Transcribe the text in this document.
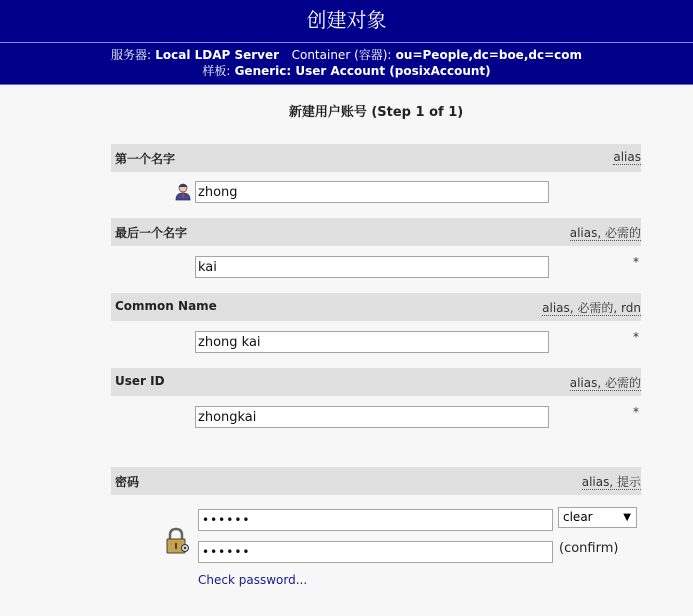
创建对象
服务器: Local LDAP Server Container (容器): ou=People,dc=boe,dc=com
样板: Generic: User Account (posixAccount)
新建用户账号 (Step 1 of 1)
第一个名字	alias
zhong
最后一个名字	alias, 必需的
kai
*
Common Name	alias, 必需的, rdn
zhong kai
*
User ID	alias, 必需的
zhongkai
*
密码	alias, 提示
••••••	clear	▼
••••••	(confirm)
Check password...
